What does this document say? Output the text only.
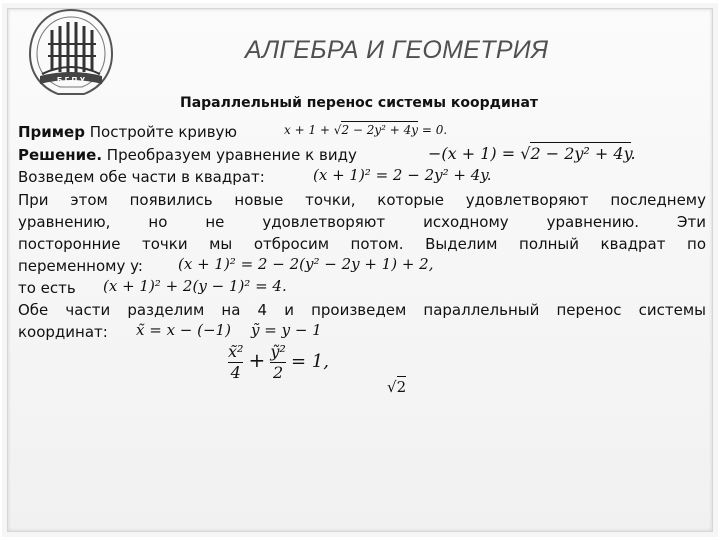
Б Г П У
АЛГЕБРА И ГЕОМЕТРИЯ
Параллельный перенос системы координат
Пример Постройте кривую	x + 1 + √2 − 2y² + 4y = 0.
Решение. Преобразуем уравнение к виду	−(x + 1) = √2 − 2y² + 4y.
Возведем обе части в квадрат:	(x + 1)² = 2 − 2y² + 4y.
При этом появились новые точки, которые удовлетворяют последнему
уравнению, но не удовлетворяют исходному уравнению. Эти
посторонние точки мы отбросим потом. Выделим полный квадрат по
переменному y: (x + 1)² = 2 − 2(y² − 2y + 1) + 2,
то есть (x + 1)² + 2(y − 1)² = 4.
Обе части разделим на 4 и произведем параллельный перенос системы
координат: x̃ = x − (−1) ỹ = y − 1
$\frac{\text{x̃²}}{4} + \frac{\text{ỹ²}}{2} = 1$,
√2
